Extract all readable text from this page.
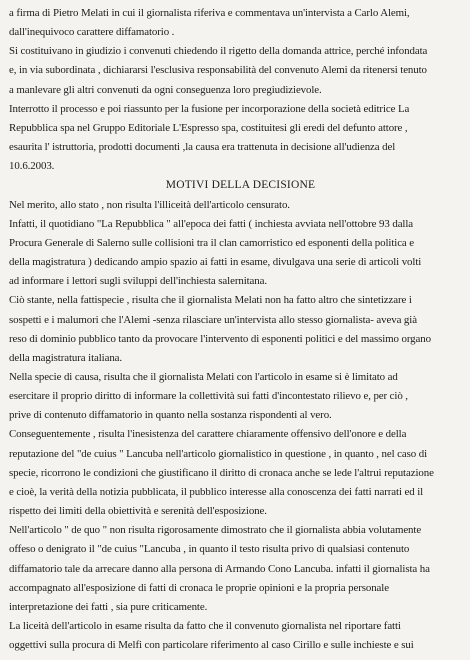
a firma di Pietro Melati in cui il giornalista riferiva e commentava un'intervista a Carlo Alemi,
dall'inequivoco carattere diffamatorio .
Si costituivano in giudizio i convenuti chiedendo il rigetto della domanda attrice, perché infondata
e, in via subordinata , dichiararsi l'esclusiva responsabilità del convenuto Alemi da ritenersi tenuto
a manlevare gli altri convenuti da ogni conseguenza loro pregiudizievole.
Interrotto il processo e poi riassunto per la fusione per incorporazione della società editrice La
Repubblica spa nel Gruppo Editoriale L'Espresso spa, costituitesi gli eredi del defunto attore ,
esaurita l' istruttoria, prodotti documenti ,la causa era trattenuta in decisione all'udienza del
10.6.2003.
MOTIVI DELLA DECISIONE
Nel merito, allo stato , non risulta l'illiceità dell'articolo censurato.
Infatti, il quotidiano "La Repubblica " all'epoca dei fatti ( inchiesta avviata nell'ottobre 93 dalla
Procura Generale di Salerno sulle collisioni tra il clan camorristico ed esponenti della politica e
della magistratura ) dedicando ampio spazio ai fatti in esame, divulgava una serie di articoli volti
ad informare i lettori sugli sviluppi dell'inchiesta salernitana.
Ciò stante, nella fattispecie , risulta che il giornalista Melati non ha fatto altro che sintetizzare i
sospetti e i malumori che l'Alemi -senza rilasciare un'intervista allo stesso giornalista- aveva già
reso di dominio pubblico tanto da provocare l'intervento di esponenti politici e del massimo organo
della magistratura italiana.
Nella specie di causa, risulta che il giornalista Melati con l'articolo in esame si è limitato ad
esercitare il proprio diritto di informare la collettività sui fatti d'incontestato rilievo e, per ciò ,
prive di contenuto diffamatorio in quanto nella sostanza rispondenti al vero.
Conseguentemente , risulta l'inesistenza del carattere chiaramente offensivo dell'onore e della
reputazione del "de cuius " Lancuba nell'articolo giornalistico in questione , in quanto , nel caso di
specie, ricorrono le condizioni che giustificano il diritto di cronaca anche se lede l'altrui reputazione
e cioè, la verità della notizia pubblicata, il pubblico interesse alla conoscenza dei fatti narrati ed il
rispetto dei limiti della obiettività e serenità dell'esposizione.
Nell'articolo " de quo " non risulta rigorosamente dimostrato che il giornalista abbia volutamente
offeso o denigrato il "de cuius "Lancuba , in quanto il testo risulta privo di qualsiasi contenuto
diffamatorio tale da arrecare danno alla persona di Armando Cono Lancuba. infatti il giornalista ha
accompagnato all'esposizione di fatti di cronaca le proprie opinioni e la propria personale
interpretazione dei fatti , sia pure criticamente.
La liceità dell'articolo in esame risulta da fatto che il convenuto giornalista nel riportare fatti
oggettivi sulla procura di Melfi con particolare riferimento al caso Cirillo e sulle inchieste e sui
